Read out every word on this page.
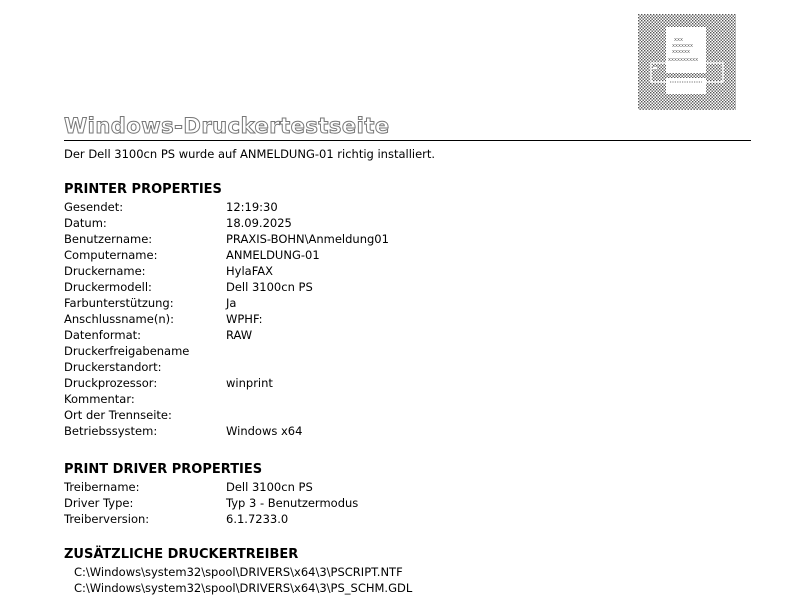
xxx
xxxxxxx
xxxxxx
xxxxxxxxxx
Windows-Druckertestseite
Der Dell 3100cn PS wurde auf ANMELDUNG-01 richtig installiert.
PRINTER PROPERTIES
Gesendet:	12:19:30
Datum:	18.09.2025
Benutzername:	PRAXIS-BOHN\Anmeldung01
Computername:	ANMELDUNG-01
Druckername:	HylaFAX
Druckermodell:	Dell 3100cn PS
Farbunterstützung:	Ja
Anschlussname(n):	WPHF:
Datenformat:	RAW
Druckerfreigabename
Druckerstandort:
Druckprozessor:	winprint
Kommentar:
Ort der Trennseite:
Betriebssystem:	Windows x64
PRINT DRIVER PROPERTIES
Treibername:	Dell 3100cn PS
Driver Type:	Typ 3 - Benutzermodus
Treiberversion:	6.1.7233.0
ZUSÄTZLICHE DRUCKERTREIBER
C:\Windows\system32\spool\DRIVERS\x64\3\PSCRIPT.NTF
C:\Windows\system32\spool\DRIVERS\x64\3\PS_SCHM.GDL
